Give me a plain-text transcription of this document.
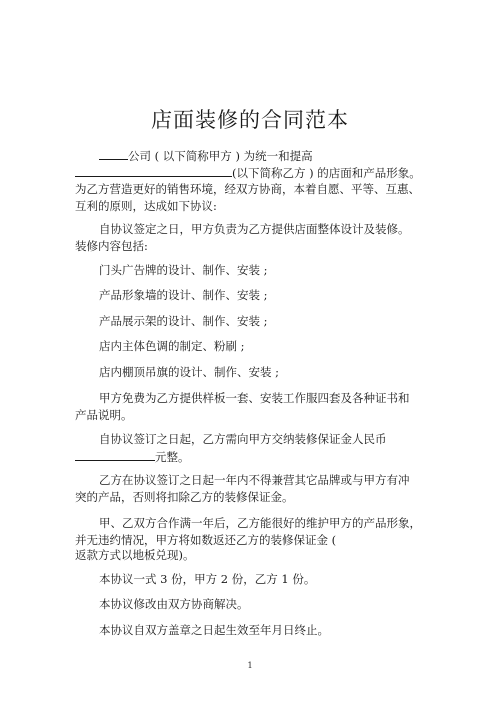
店面装修的合同范本
公司 ( 以下简称甲方 ) 为统一和提高
(以下简称乙方 ) 的店面和产品形象。
为乙方营造更好的销售环境，经双方协商，本着自愿、平等、互惠、
互利的原则，达成如下协议:
自协议签定之日，甲方负责为乙方提供店面整体设计及装修。
装修内容包括:
门头广告牌的设计、制作、安装 ;
产品形象墙的设计、制作、安装 ;
产品展示架的设计、制作、安装 ;
店内主体色调的制定、粉刷 ;
店内棚顶吊旗的设计、制作、安装 ;
甲方免费为乙方提供样板一套、安装工作服四套及各种证书和
产品说明。
自协议签订之日起，乙方需向甲方交纳装修保证金人民币
元整。
乙方在协议签订之日起一年内不得兼营其它品牌或与甲方有冲
突的产品，否则将扣除乙方的装修保证金。
甲、乙双方合作满一年后，乙方能很好的维护甲方的产品形象，
并无违约情况，甲方将如数返还乙方的装修保证金 (
返款方式以地板兑现)。
本协议一式 3 份，甲方 2 份，乙方 1 份。
本协议修改由双方协商解决。
本协议自双方盖章之日起生效至年月日终止。
1
